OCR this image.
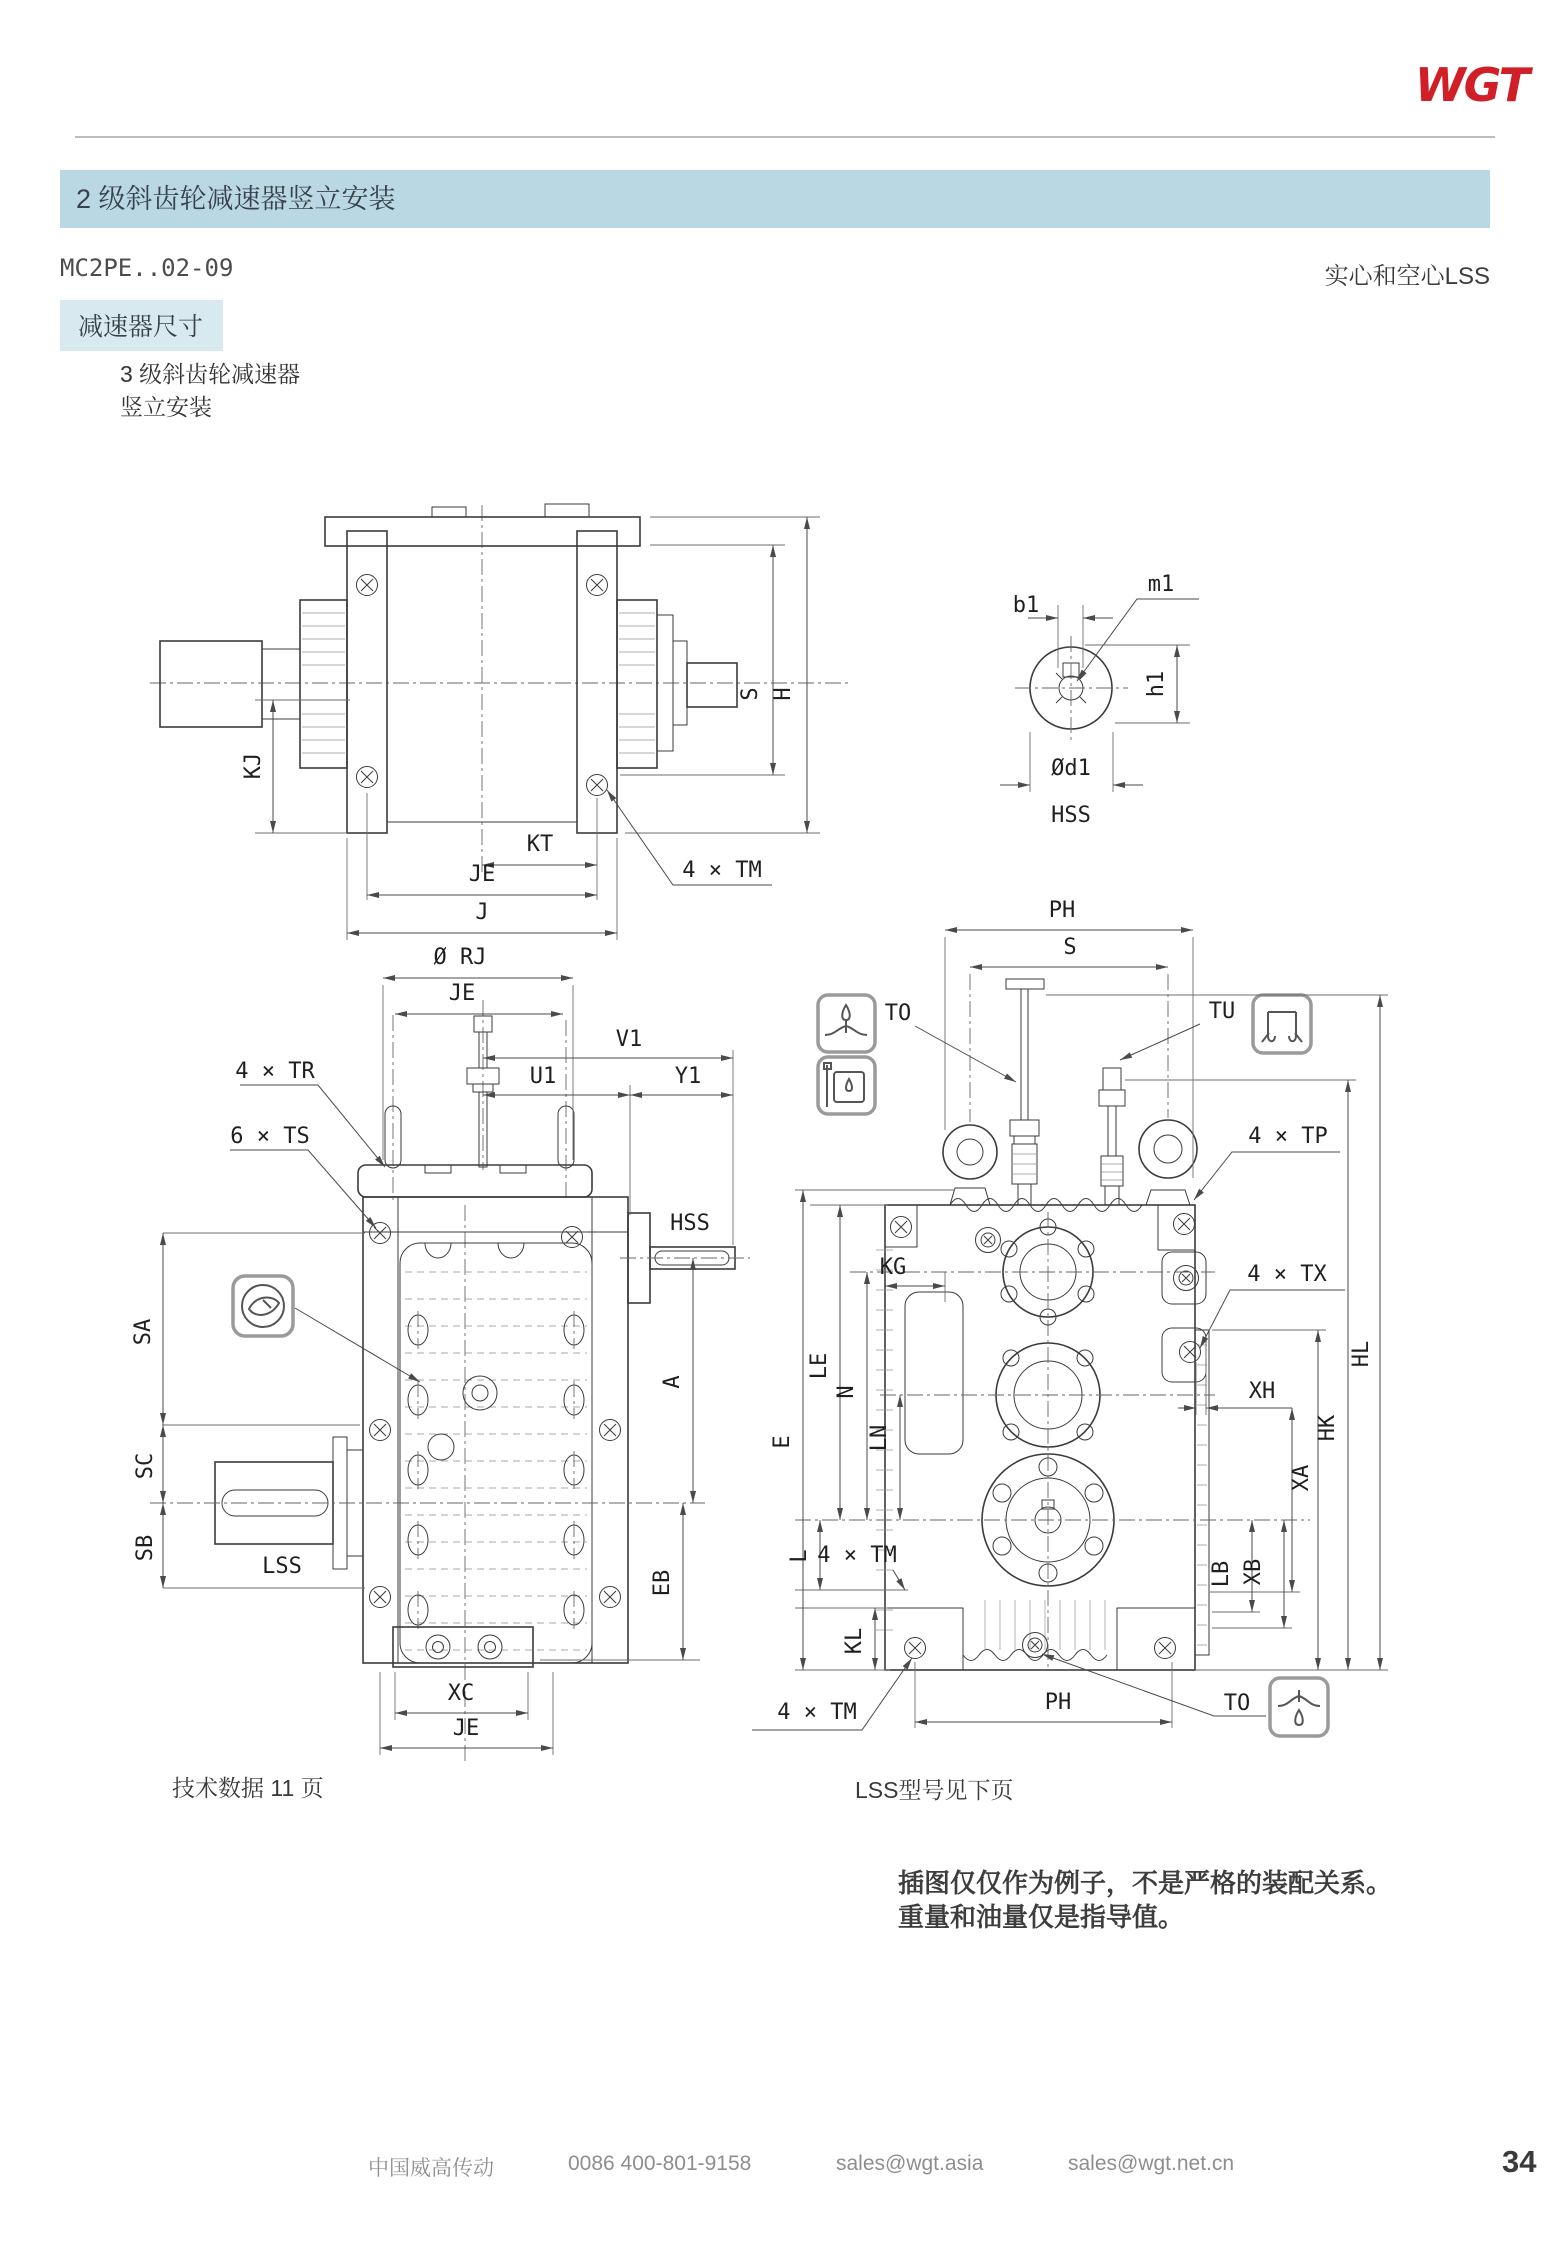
WGT
2 级斜齿轮减速器竖立安装
MC2PE..02-09	实心和空心LSS
减速器尺寸
3 级斜齿轮减速器
竖立安装
S H
KJ
KT
JE
J
4 × TM
b1
m1
h1
Ød1
HSS
Ø RJ
JE
V1
U1	Y1
4 × TR
6 × TS
HSS
SA
SC
SB
LSS
A
EB
XC
JE
技术数据 11 页
PH
S
TO	TU
4 × TP
KG	4 × TX
E
LE
N
LN
L 4 × TM
KL
4 × TM	PH	TO
XH
XA
HK
HL
LB XB
LSS型号见下页
插图仅仅作为例子，不是严格的装配关系。
重量和油量仅是指导值。
中国威高传动	0086 400-801-9158	sales@wgt.asia	sales@wgt.net.cn	34
